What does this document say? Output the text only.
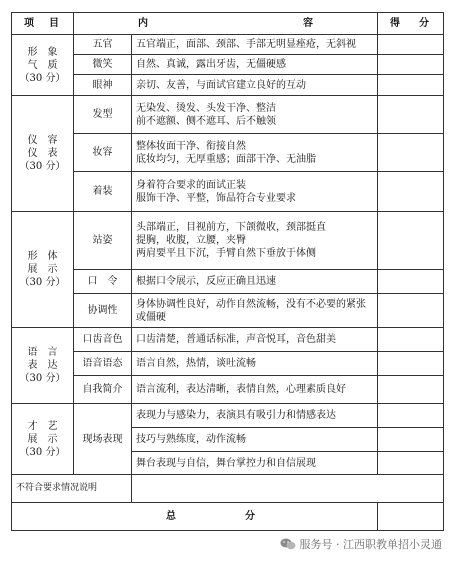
项 目	内 容		得 分

形　象
气　质
（30 分）	五官	五官端正，面部、颈部、手部无明显痤疮，无斜视	

	微笑	自然、真诚，露出牙齿，无僵硬感	

	眼神	亲切、友善，与面试官建立良好的互动	

仪　容
仪　表
（30 分）	发型	无染发、烫发、头发干净、整洁
前不遮额、侧不遮耳、后不触领	

	妆容	整体妆面干净、衔接自然
底妆均匀，无厚重感；面部干净、无油脂	

	着装	身着符合要求的面试正装
服饰干净、平整，饰品符合专业要求	

形　体
展　示
（30 分）	站姿	头部端正，目视前方，下颌微收，颈部挺直
提胸，收腹，立腰，夹臀
两肩要平且下沉，手臂自然下垂放于体侧	

	口　令	根据口令展示，反应正确且迅速	

	协调性	身体协调性良好，动作自然流畅，没有不必要的紧张或僵硬	

语　言
表　达
（30 分）	口齿音色	口齿清楚，普通话标准，声音悦耳，音色甜美	

	语音语态	语言自然，热情，谈吐流畅	

	自我简介	语言流利，表达清晰，表情自然，心理素质良好	

才　艺
展　示
（30 分）	现场表现	表现力与感染力，表演具有吸引力和情感表达	

		技巧与熟练度，动作流畅	

		舞台表现与自信，舞台掌控力和自信展现	

不符合要求情况说明			

总 分			

服务号 · 江西职教单招小灵通
